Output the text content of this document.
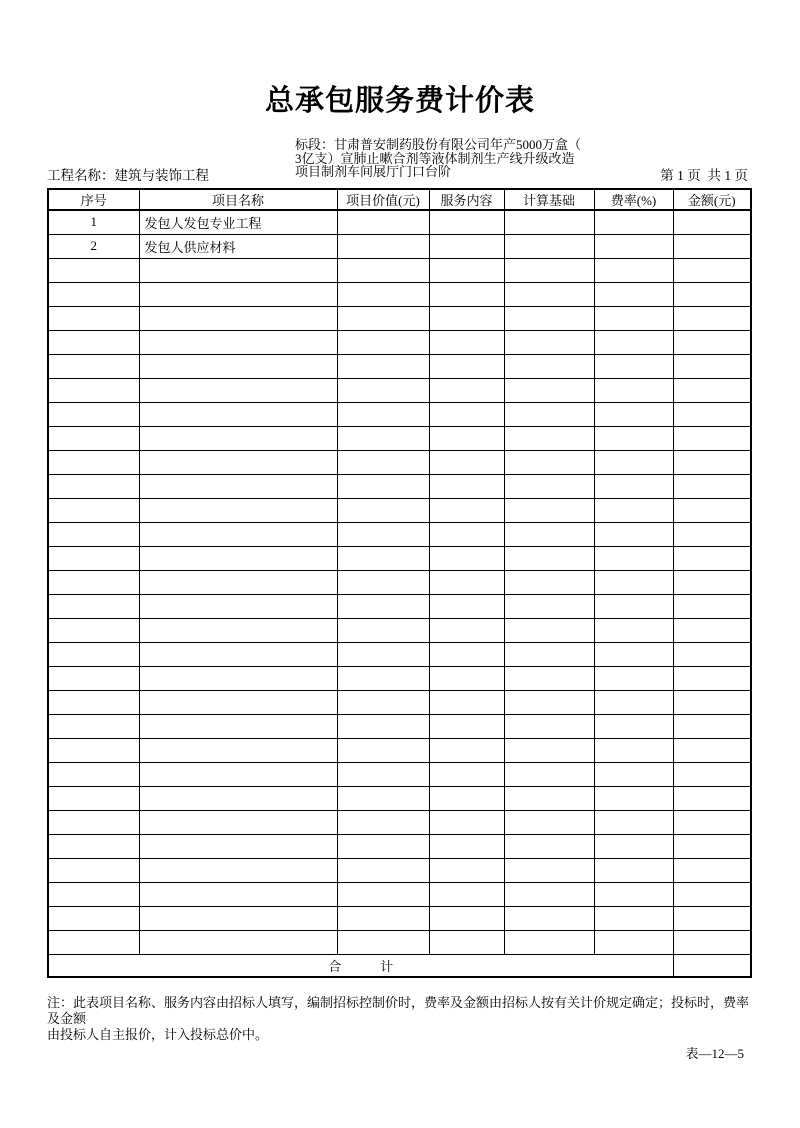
总承包服务费计价表
标段：甘肃普安制药股份有限公司年产5000万盒（
3亿支）宣肺止嗽合剂等液体制剂生产线升级改造
项目制剂车间展厅门口台阶
工程名称：建筑与装饰工程	第 1 页  共 1 页
序号	项目名称	项目价值(元)	服务内容	计算基础	费率(%)	金额(元)
1	发包人发包专业工程					
2	发包人供应材料					

合　　　计						
注：此表项目名称、服务内容由招标人填写，编制招标控制价时，费率及金额由招标人按有关计价规定确定；投标时，费率及金额
由投标人自主报价，计入投标总价中。
表—12—5
